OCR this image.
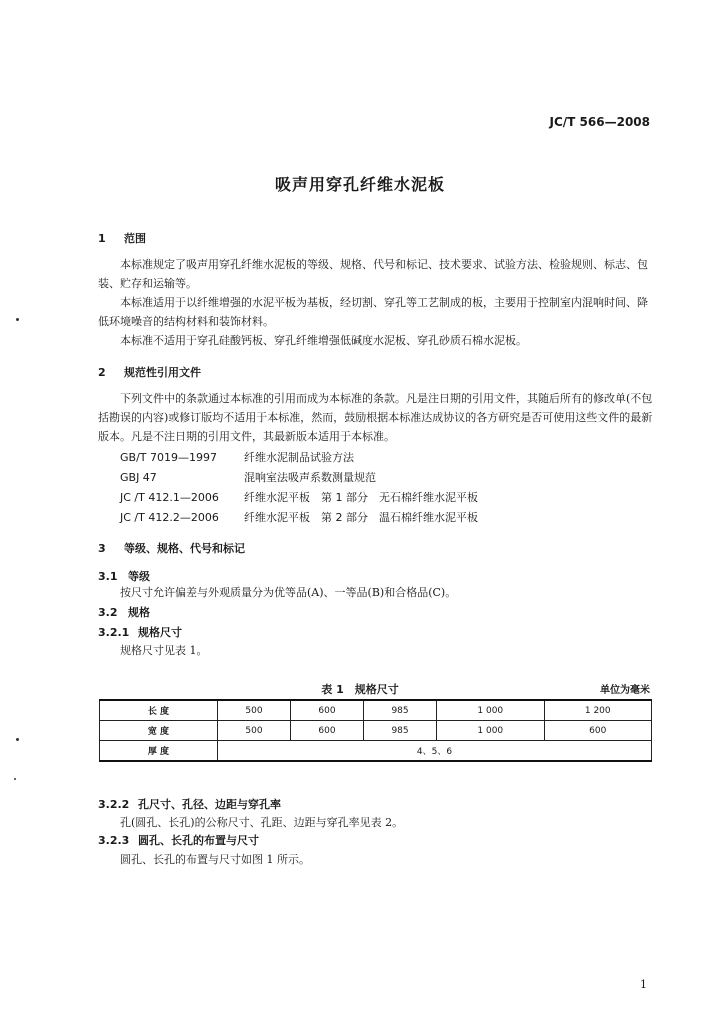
JC/T 566—2008
吸声用穿孔纤维水泥板
1 范围
本标准规定了吸声用穿孔纤维水泥板的等级、规格、代号和标记、技术要求、试验方法、检验规则、标志、包装、贮存和运输等。
本标准适用于以纤维增强的水泥平板为基板，经切割、穿孔等工艺制成的板，主要用于控制室内混响时间、降低环境噪音的结构材料和装饰材料。
本标准不适用于穿孔硅酸钙板、穿孔纤维增强低碱度水泥板、穿孔砂质石棉水泥板。
2 规范性引用文件
下列文件中的条款通过本标准的引用而成为本标准的条款。凡是注日期的引用文件，其随后所有的修改单(不包括勘误的内容)或修订版均不适用于本标准，然而，鼓励根据本标准达成协议的各方研究是否可使用这些文件的最新版本。凡是不注日期的引用文件，其最新版本适用于本标准。
GB/T 7019—1997 纤维水泥制品试验方法
GBJ 47	混响室法吸声系数测量规范
JC /T 412.1—2006 纤维水泥平板　第 1 部分　无石棉纤维水泥平板
JC /T 412.2—2006 纤维水泥平板　第 2 部分　温石棉纤维水泥平板
3 等级、规格、代号和标记
3.1 等级
按尺寸允许偏差与外观质量分为优等品(A)、一等品(B)和合格品(C)。
3.2 规格
3.2.1 规格尺寸
规格尺寸见表 1。
表 1　规格尺寸	单位为毫米
长 度	500	600	985	1 000	1 200
宽 度	500	600	985	1 000	600
厚 度	4、5、6				
3.2.2 孔尺寸、孔径、边距与穿孔率
孔(圆孔、长孔)的公称尺寸、孔距、边距与穿孔率见表 2。
3.2.3 圆孔、长孔的布置与尺寸
圆孔、长孔的布置与尺寸如图 1 所示。
1
